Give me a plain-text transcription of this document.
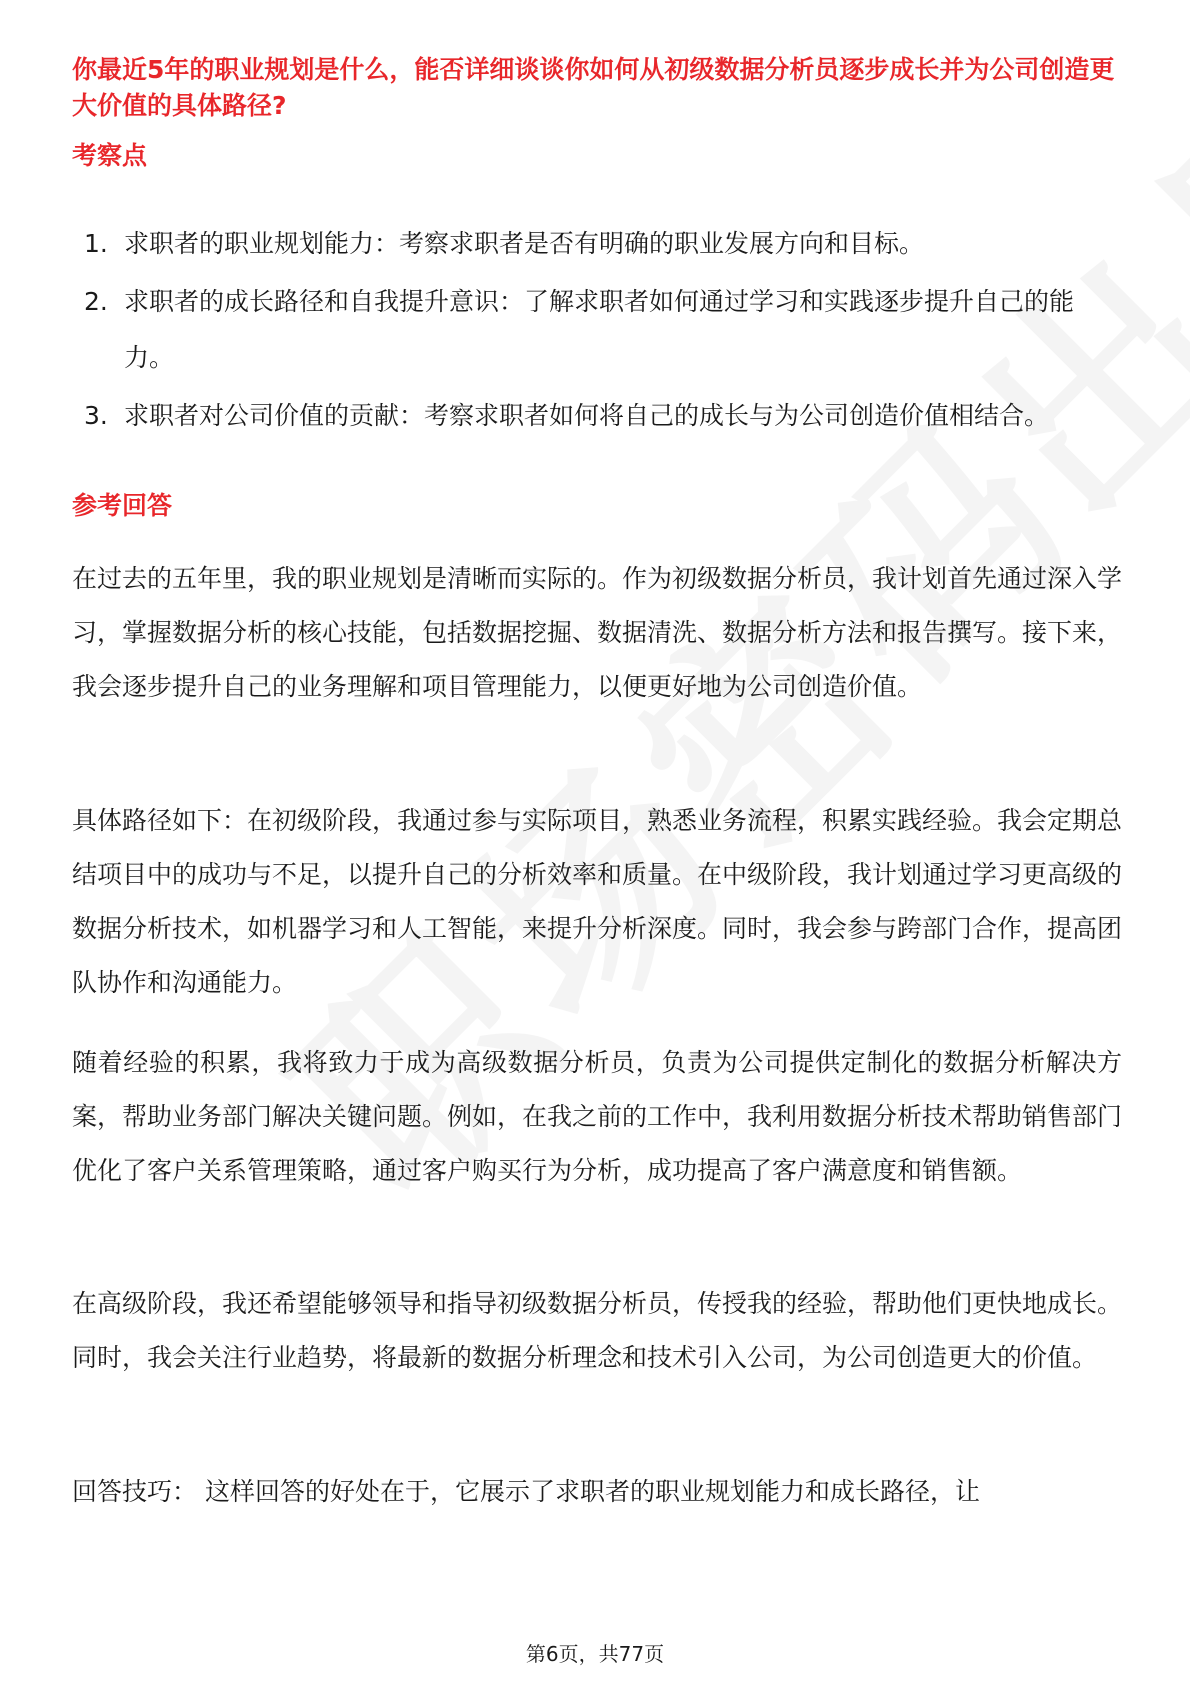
你最近5年的职业规划是什么，能否详细谈谈你如何从初级数据分析员逐步成长并为公司创造更大价值的具体路径?
考察点
1. 求职者的职业规划能力：考察求职者是否有明确的职业发展方向和目标。
2. 求职者的成长路径和自我提升意识：了解求职者如何通过学习和实践逐步提升自己的能力。
3. 求职者对公司价值的贡献：考察求职者如何将自己的成长与为公司创造价值相结合。
参考回答

在过去的五年里，我的职业规划是清晰而实际的。作为初级数据分析员，我计划首先通过深入学习，掌握数据分析的核心技能，包括数据挖掘、数据清洗、数据分析方法和报告撰写。接下来，我会逐步提升自己的业务理解和项目管理能力，以便更好地为公司创造价值。

具体路径如下：在初级阶段，我通过参与实际项目，熟悉业务流程，积累实践经验。我会定期总结项目中的成功与不足，以提升自己的分析效率和质量。在中级阶段，我计划通过学习更高级的数据分析技术，如机器学习和人工智能，来提升分析深度。同时，我会参与跨部门合作，提高团队协作和沟通能力。

随着经验的积累，我将致力于成为高级数据分析员，负责为公司提供定制化的数据分析解决方案，帮助业务部门解决关键问题。例如，在我之前的工作中，我利用数据分析技术帮助销售部门优化了客户关系管理策略，通过客户购买行为分析，成功提高了客户满意度和销售额。

在高级阶段，我还希望能够领导和指导初级数据分析员，传授我的经验，帮助他们更快地成长。同时，我会关注行业趋势，将最新的数据分析理念和技术引入公司，为公司创造更大的价值。

回答技巧： 这样回答的好处在于，它展示了求职者的职业规划能力和成长路径，让

第6页，共77页
